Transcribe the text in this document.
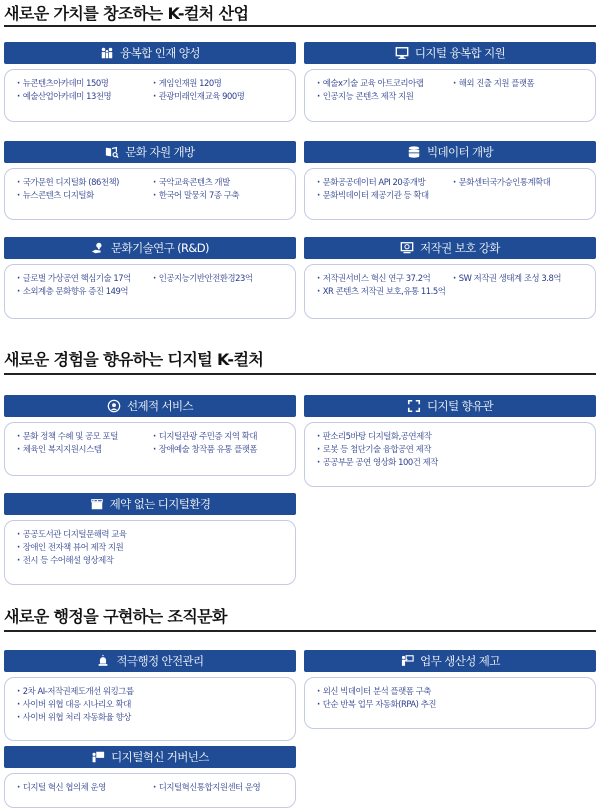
새로운 가치를 창조하는 K-컬처 산업
· 뉴콘텐츠아카데미 150명	· 게임인재원 120명
· 예술산업아카데미 13천명	· 관광미래인재교육 900명
융복합 인재 양성
· 예술x기술 교육 아트코리아랩	· 해외 진출 지원 플랫폼
· 인공지능 콘텐츠 제작 지원
디지털 융복합 지원
· 국가문헌 디지털화 (86천책)	· 국악교육콘텐츠 개발
· 뉴스콘텐츠 디지털화	· 한국어 말뭉치 7종 구축
문화 자원 개방
· 문화공공데이터 API 20종개방	· 문화센터국가승인통계확대
· 문화빅데이터 제공기관 등 확대
빅데이터 개방
· 글로벌 가상공연 핵심기술 17억	· 인공지능기반안전환경23억
· 소외계층 문화향유 증진 149억
문화기술연구 (R&D)
· 저작권서비스 혁신 연구 37.2억	· SW 저작권 생태계 조성 3.8억
· XR 콘텐츠 저작권 보호,유통 11.5억
저작권 보호 강화
새로운 경험을 향유하는 디지털 K-컬처
· 문화 정책 수혜 및 공모 포털	· 디지털관광 주민증 지역 확대
· 체육인 복지지원시스템	· 장애예술 창작품 유통 플랫폼
선제적 서비스
· 판소리5바탕 디지털화,공연제작
· 로봇 등 첨단기술 융합공연 제작
· 공공부문 공연 영상화 100건 제작
디지털 향유관
· 공공도서관 디지털문해력 교육
· 장애인 전자책 뷰어 제작 지원
· 전시 등 수어해설 영상제작
제약 없는 디지털환경
새로운 행정을 구현하는 조직문화
· 2차 AI-저작권제도개선 워킹그룹
· 사이버 위협 대응 시나리오 확대
· 사이버 위협 처리 자동화율 향상
적극행정 안전관리
· 외신 빅데이터 분석 플랫폼 구축
· 단순 반복 업무 자동화(RPA) 추진
업무 생산성 제고
· 디지털 혁신 협의체 운영	· 디지털혁신통합지원센터 운영
디지털혁신 거버넌스
